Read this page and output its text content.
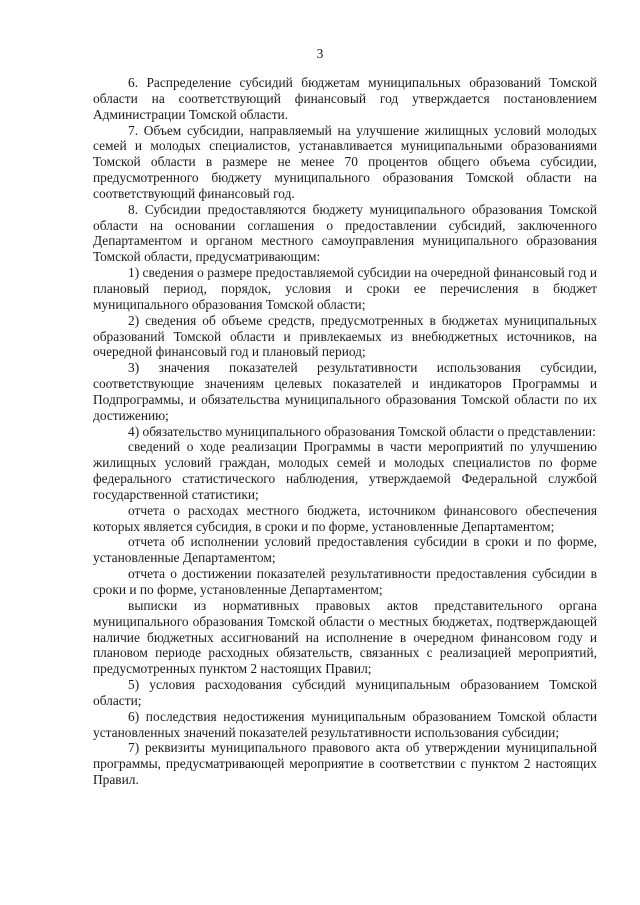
3

6. Распределение субсидий бюджетам муниципальных образований Томской области на соответствующий финансовый год утверждается постановлением Администрации Томской области.

7. Объем субсидии, направляемый на улучшение жилищных условий молодых семей и молодых специалистов, устанавливается муниципальными образованиями Томской области в размере не менее 70 процентов общего объема субсидии, предусмотренного бюджету муниципального образования Томской области на соответствующий финансовый год.

8. Субсидии предоставляются бюджету муниципального образования Томской области на основании соглашения о предоставлении субсидий, заключенного Департаментом и органом местного самоуправления муниципального образования Томской области, предусматривающим:

1) сведения о размере предоставляемой субсидии на очередной финансовый год и плановый период, порядок, условия и сроки ее перечисления в бюджет муниципального образования Томской области;

2) сведения об объеме средств, предусмотренных в бюджетах муниципальных образований Томской области и привлекаемых из внебюджетных источников, на очередной финансовый год и плановый период;

3) значения показателей результативности использования субсидии, соответствующие значениям целевых показателей и индикаторов Программы и Подпрограммы, и обязательства муниципального образования Томской области по их достижению;

4) обязательство муниципального образования Томской области о представлении:

сведений о ходе реализации Программы в части мероприятий по улучшению жилищных условий граждан, молодых семей и молодых специалистов по форме федерального статистического наблюдения, утверждаемой Федеральной службой государственной статистики;

отчета о расходах местного бюджета, источником финансового обеспечения которых является субсидия, в сроки и по форме, установленные Департаментом;

отчета об исполнении условий предоставления субсидии в сроки и по форме, установленные Департаментом;

отчета о достижении показателей результативности предоставления субсидии в сроки и по форме, установленные Департаментом;

выписки из нормативных правовых актов представительного органа муниципального образования Томской области о местных бюджетах, подтверждающей наличие бюджетных ассигнований на исполнение в очередном финансовом году и плановом периоде расходных обязательств, связанных с реализацией мероприятий, предусмотренных пунктом 2 настоящих Правил;

5) условия расходования субсидий муниципальным образованием Томской области;

6) последствия недостижения муниципальным образованием Томской области установленных значений показателей результативности использования субсидии;

7) реквизиты муниципального правового акта об утверждении муниципальной программы, предусматривающей мероприятие в соответствии с пунктом 2 настоящих Правил.
